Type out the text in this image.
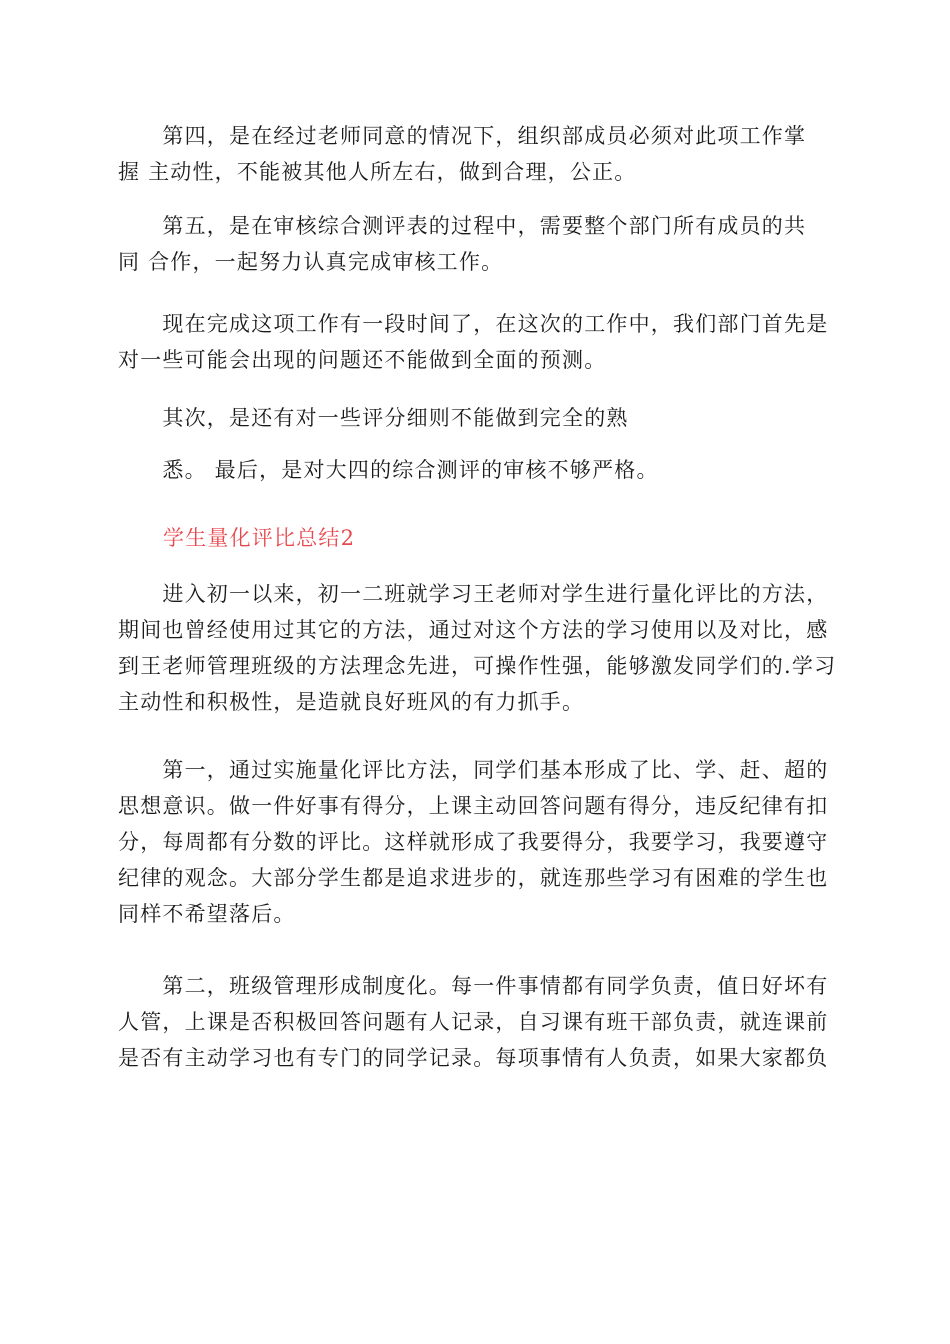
　　第四，是在经过老师同意的情况下，组织部成员必须对此项工作掌
握 主动性，不能被其他人所左右，做到合理，公正。

　　第五，是在审核综合测评表的过程中，需要整个部门所有成员的共
同 合作，一起努力认真完成审核工作。

　　现在完成这项工作有一段时间了，在这次的工作中，我们部门首先是
对一些可能会出现的问题还不能做到全面的预测。

　　其次，是还有对一些评分细则不能做到完全的熟

　　悉。 最后，是对大四的综合测评的审核不够严格。

学生量化评比总结2

　　进入初一以来，初一二班就学习王老师对学生进行量化评比的方法，
期间也曾经使用过其它的方法，通过对这个方法的学习使用以及对比，感
到王老师管理班级的方法理念先进，可操作性强，能够激发同学们的.学习
主动性和积极性，是造就良好班风的有力抓手。

　　第一，通过实施量化评比方法，同学们基本形成了比、学、赶、超的
思想意识。做一件好事有得分，上课主动回答问题有得分，违反纪律有扣
分，每周都有分数的评比。这样就形成了我要得分，我要学习，我要遵守
纪律的观念。大部分学生都是追求进步的，就连那些学习有困难的学生也
同样不希望落后。

　　第二，班级管理形成制度化。每一件事情都有同学负责，值日好坏有
人管，上课是否积极回答问题有人记录，自习课有班干部负责，就连课前
是否有主动学习也有专门的同学记录。每项事情有人负责，如果大家都负
